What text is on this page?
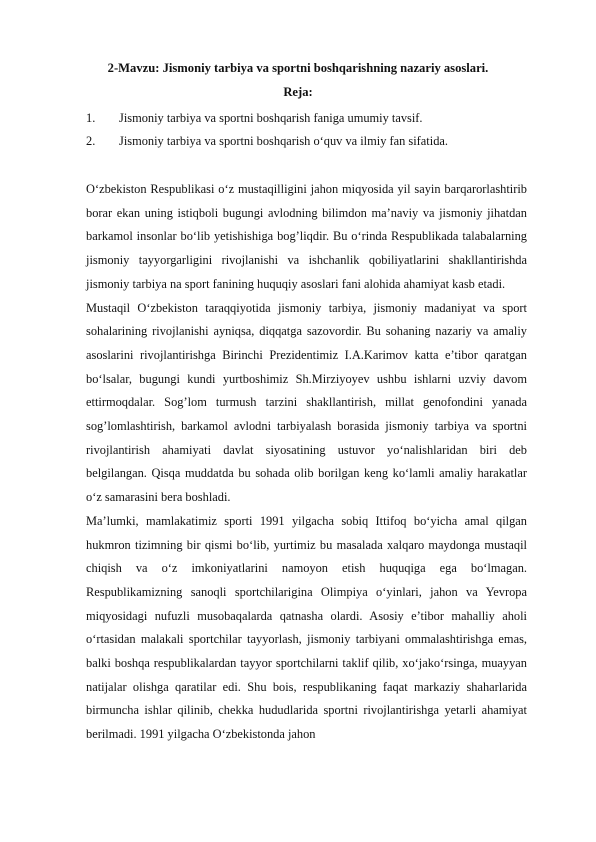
2-Mavzu: Jismoniy tarbiya va sportni boshqarishning nazariy asoslari.
Reja:
1.	Jismoniy tarbiya va sportni boshqarish faniga umumiy tavsif.
2.	Jismoniy tarbiya va sportni boshqarish o‘quv va ilmiy fan sifatida.

O‘zbekiston Respublikasi o‘z mustaqilligini jahon miqyosida yil sayin barqarorlashtirib borar ekan uning istiqboli bugungi avlodning bilimdon ma’naviy va jismoniy jihatdan barkamol insonlar bo‘lib yetishishiga bog’liqdir. Bu o‘rinda Respublikada talabalarning jismoniy tayyorgarligini rivojlanishi va ishchanlik qobiliyatlarini shakllantirishda jismoniy tarbiya na sport fanining huquqiy asoslari fani alohida ahamiyat kasb etadi.

Mustaqil O‘zbekiston taraqqiyotida jismoniy tarbiya, jismoniy madaniyat va sport sohalarining rivojlanishi ayniqsa, diqqatga sazovordir. Bu sohaning nazariy va amaliy asoslarini rivojlantirishga Birinchi Prezidentimiz I.A.Karimov katta e’tibor qaratgan bo‘lsalar, bugungi kundi yurtboshimiz Sh.Mirziyoyev ushbu ishlarni uzviy davom ettirmoqdalar. Sog’lom turmush tarzini shakllantirish, millat genofondini yanada sog’lomlashtirish, barkamol avlodni tarbiyalash borasida jismoniy tarbiya va sportni rivojlantirish ahamiyati davlat siyosatining ustuvor yo‘nalishlaridan biri deb belgilangan. Qisqa muddatda bu sohada olib borilgan keng ko‘lamli amaliy harakatlar o‘z samarasini bera boshladi.

Ma’lumki, mamlakatimiz sporti 1991 yilgacha sobiq Ittifoq bo‘yicha amal qilgan hukmron tizimning bir qismi bo‘lib, yurtimiz bu masalada xalqaro maydonga mustaqil chiqish va o‘z imkoniyatlarini namoyon etish huquqiga ega bo‘lmagan. Respublikamizning sanoqli sportchilarigina Olimpiya o‘yinlari, jahon va Yevropa miqyosidagi nufuzli musobaqalarda qatnasha olardi. Asosiy e’tibor mahalliy aholi o‘rtasidan malakali sportchilar tayyorlash, jismoniy tarbiyani ommalashtirishga emas, balki boshqa respublikalardan tayyor sportchilarni taklif qilib, xo‘jako‘rsinga, muayyan natijalar olishga qaratilar edi. Shu bois, respublikaning faqat markaziy shaharlarida birmuncha ishlar qilinib, chekka hududlarida sportni rivojlantirishga yetarli ahamiyat berilmadi. 1991 yilgacha O‘zbekistonda jahon
